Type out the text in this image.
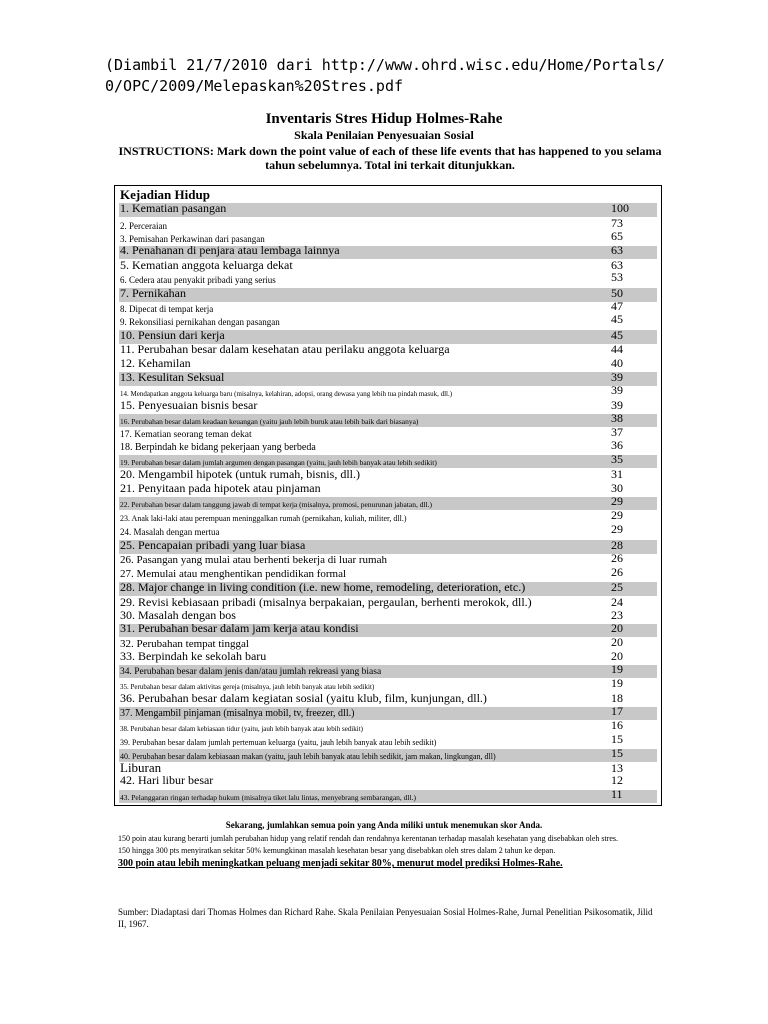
(Diambil 21/7/2010 dari http://www.ohrd.wisc.edu/Home/Portals/
0/OPC/2009/Melepaskan%20Stres.pdf
Inventaris Stres Hidup Holmes-Rahe
Skala Penilaian Penyesuaian Sosial
INSTRUCTIONS: Mark down the point value of each of these life events that has happened to you selama tahun sebelumnya. Total ini terkait ditunjukkan.
Kejadian Hidup
1. Kematian pasangan	100
2. Perceraian	73
3. Pemisahan Perkawinan dari pasangan	65
4. Penahanan di penjara atau lembaga lainnya	63
5. Kematian anggota keluarga dekat	63
6. Cedera atau penyakit pribadi yang serius	53
7. Pernikahan	50
8. Dipecat di tempat kerja	47
9. Rekonsiliasi pernikahan dengan pasangan	45
10. Pensiun dari kerja	45
11. Perubahan besar dalam kesehatan atau perilaku anggota keluarga	44
12. Kehamilan	40
13. Kesulitan Seksual	39
14. Mendapatkan anggota keluarga baru (misalnya, kelahiran, adopsi, orang dewasa yang lebih tua pindah masuk, dll.)	39
15. Penyesuaian bisnis besar	39
16. Perubahan besar dalam keadaan keuangan (yaitu jauh lebih buruk atau lebih baik dari biasanya)	38
17. Kematian seorang teman dekat	37
18. Berpindah ke bidang pekerjaan yang berbeda	36
19. Perubahan besar dalam jumlah argumen dengan pasangan (yaitu, jauh lebih banyak atau lebih sedikit)	35
20. Mengambil hipotek (untuk rumah, bisnis, dll.)	31
21. Penyitaan pada hipotek atau pinjaman	30
22. Perubahan besar dalam tanggung jawab di tempat kerja (misalnya, promosi, penurunan jabatan, dll.)	29
23. Anak laki-laki atau perempuan meninggalkan rumah (pernikahan, kuliah, militer, dll.)	29
24. Masalah dengan mertua	29
25. Pencapaian pribadi yang luar biasa	28
26. Pasangan yang mulai atau berhenti bekerja di luar rumah	26
27. Memulai atau menghentikan pendidikan formal	26
28. Major change in living condition (i.e. new home, remodeling, deterioration, etc.)	25
29. Revisi kebiasaan pribadi (misalnya berpakaian, pergaulan, berhenti merokok, dll.)	24
30. Masalah dengan bos	23
31. Perubahan besar dalam jam kerja atau kondisi	20
32. Perubahan tempat tinggal	20
33. Berpindah ke sekolah baru	20
34. Perubahan besar dalam jenis dan/atau jumlah rekreasi yang biasa	19
35. Perubahan besar dalam aktivitas gereja (misalnya, jauh lebih banyak atau lebih sedikit)	19
36. Perubahan besar dalam kegiatan sosial (yaitu klub, film, kunjungan, dll.)	18
37. Mengambil pinjaman (misalnya mobil, tv, freezer, dll.)	17
38. Perubahan besar dalam kebiasaan tidur (yaitu, jauh lebih banyak atau lebih sedikit)	16
39. Perubahan besar dalam jumlah pertemuan keluarga (yaitu, jauh lebih banyak atau lebih sedikit)	15
40. Perubahan besar dalam kebiasaan makan (yaitu, jauh lebih banyak atau lebih sedikit, jam makan, lingkungan, dll)	15
Liburan	13
42. Hari libur besar	12
43. Pelanggaran ringan terhadap hukum (misalnya tiket lalu lintas, menyebrang sembarangan, dll.)	11
Sekarang, jumlahkan semua poin yang Anda miliki untuk menemukan skor Anda.
150 poin atau kurang berarti jumlah perubahan hidup yang relatif rendah dan rendahnya kerentanan terhadap masalah kesehatan yang disebabkan oleh stres.
150 hingga 300 pts menyiratkan sekitar 50% kemungkinan masalah kesehatan besar yang disebabkan oleh stres dalam 2 tahun ke depan.
300 poin atau lebih meningkatkan peluang menjadi sekitar 80%, menurut model prediksi Holmes-Rahe.
Sumber: Diadaptasi dari Thomas Holmes dan Richard Rahe. Skala Penilaian Penyesuaian Sosial Holmes-Rahe, Jurnal Penelitian Psikosomatik, Jilid II, 1967.
